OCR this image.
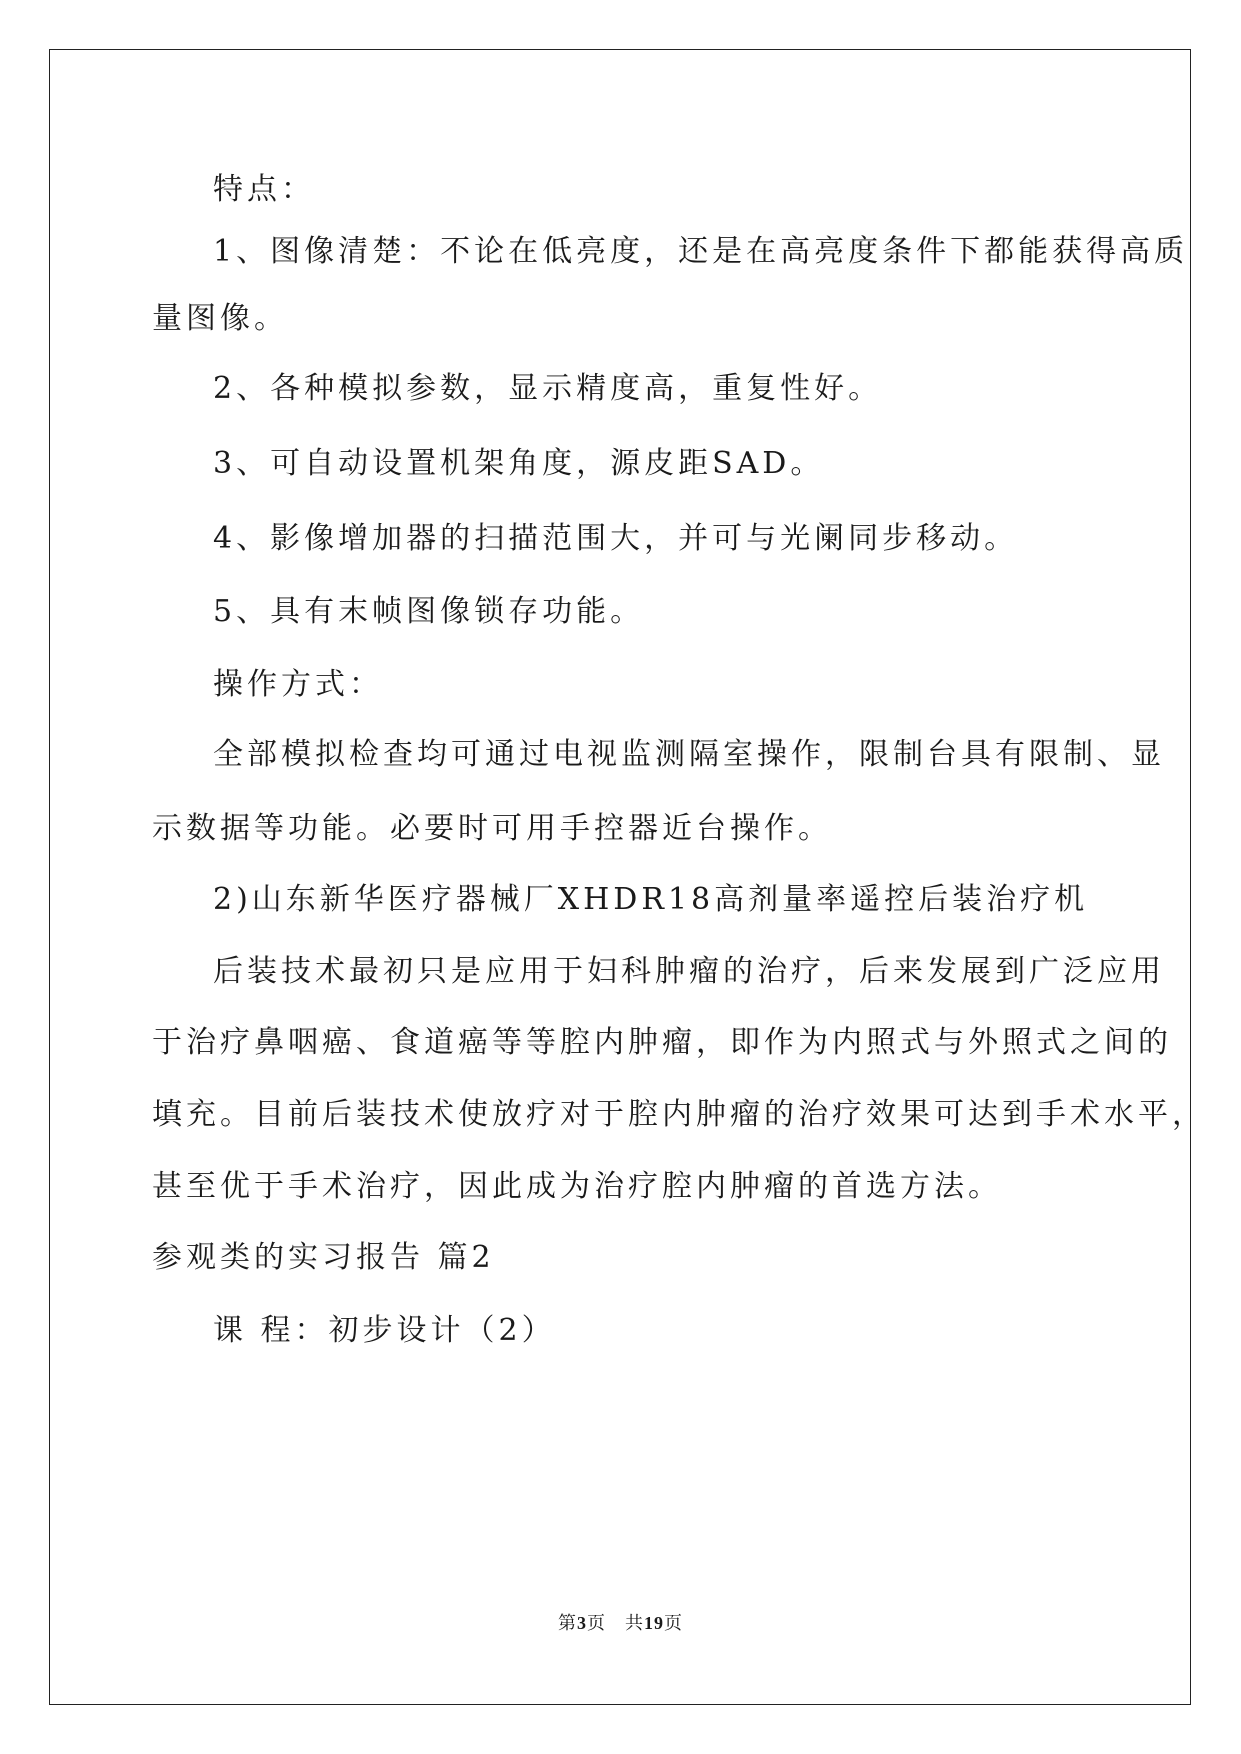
特点：

1、图像清楚：不论在低亮度，还是在高亮度条件下都能获得高质

量图像。

2、各种模拟参数，显示精度高，重复性好。

3、可自动设置机架角度，源皮距SAD。

4、影像增加器的扫描范围大，并可与光阑同步移动。

5、具有末帧图像锁存功能。

操作方式：

全部模拟检查均可通过电视监测隔室操作，限制台具有限制、显

示数据等功能。必要时可用手控器近台操作。

2)山东新华医疗器械厂XHDR18高剂量率遥控后装治疗机

后装技术最初只是应用于妇科肿瘤的治疗，后来发展到广泛应用

于治疗鼻咽癌、食道癌等等腔内肿瘤，即作为内照式与外照式之间的

填充。目前后装技术使放疗对于腔内肿瘤的治疗效果可达到手术水平，

甚至优于手术治疗，因此成为治疗腔内肿瘤的首选方法。

参观类的实习报告 篇2

课 程：初步设计（2）

第3页　共19页
